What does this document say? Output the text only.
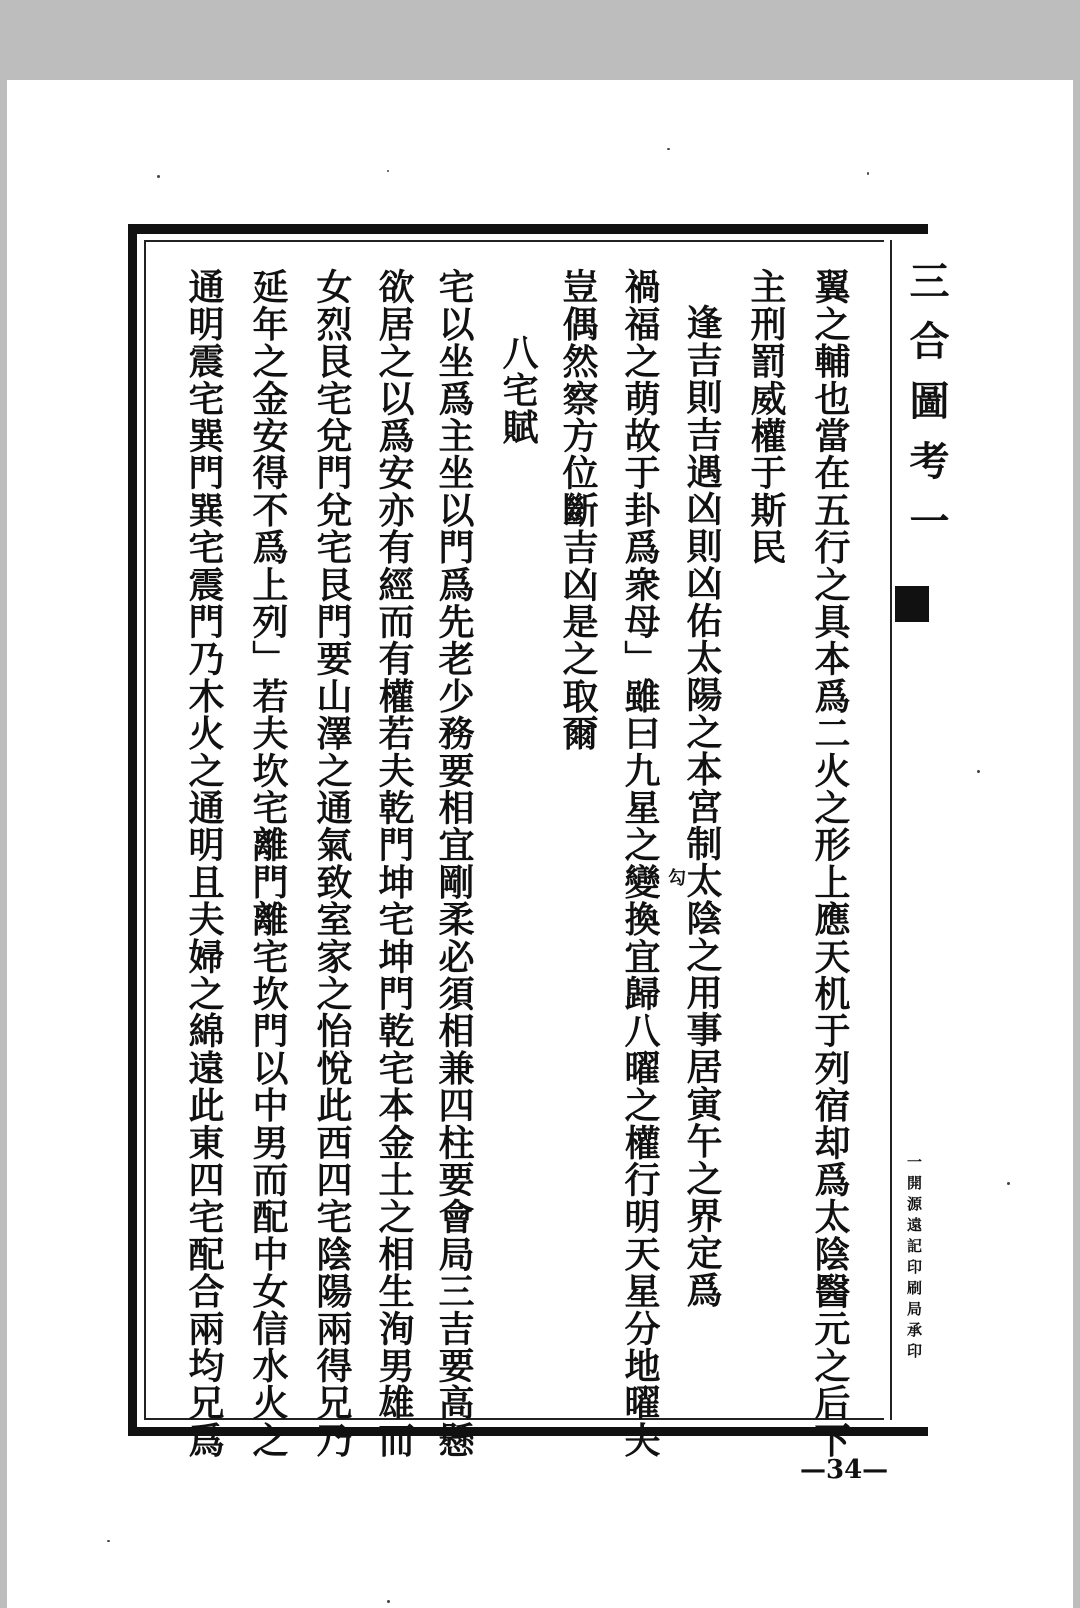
三合圖考一
一開源遠記印刷局承印
翼之輔也當在五行之具本爲二火之形上應天机于列宿却爲太陰醫元之后下
主刑罰威權于斯民
逢吉則吉遇凶則凶佑太陽之本宮制太陰之用事居寅午之界定爲
禍福之萌故于卦爲衆母」雖曰九星之變換宜歸八曜之權行明天星分地曜夫
豈偶然察方位斷吉凶是之取爾
八宅賦
宅以坐爲主坐以門爲先老少務要相宜剛柔必須相兼四柱要會局三吉要高懸
欲居之以爲安亦有經而有權若夫乾門坤宅坤門乾宅本金土之相生洵男雄而
女烈艮宅兌門兌宅艮門要山澤之通氣致室家之怡悅此西四宅陰陽兩得兄乃
延年之金安得不爲上列」若夫坎宅離門離宅坎門以中男而配中女信水火之
通明震宅巽門巽宅震門乃木火之通明且夫婦之綿遠此東四宅配合兩均兄爲	勾
—34—
